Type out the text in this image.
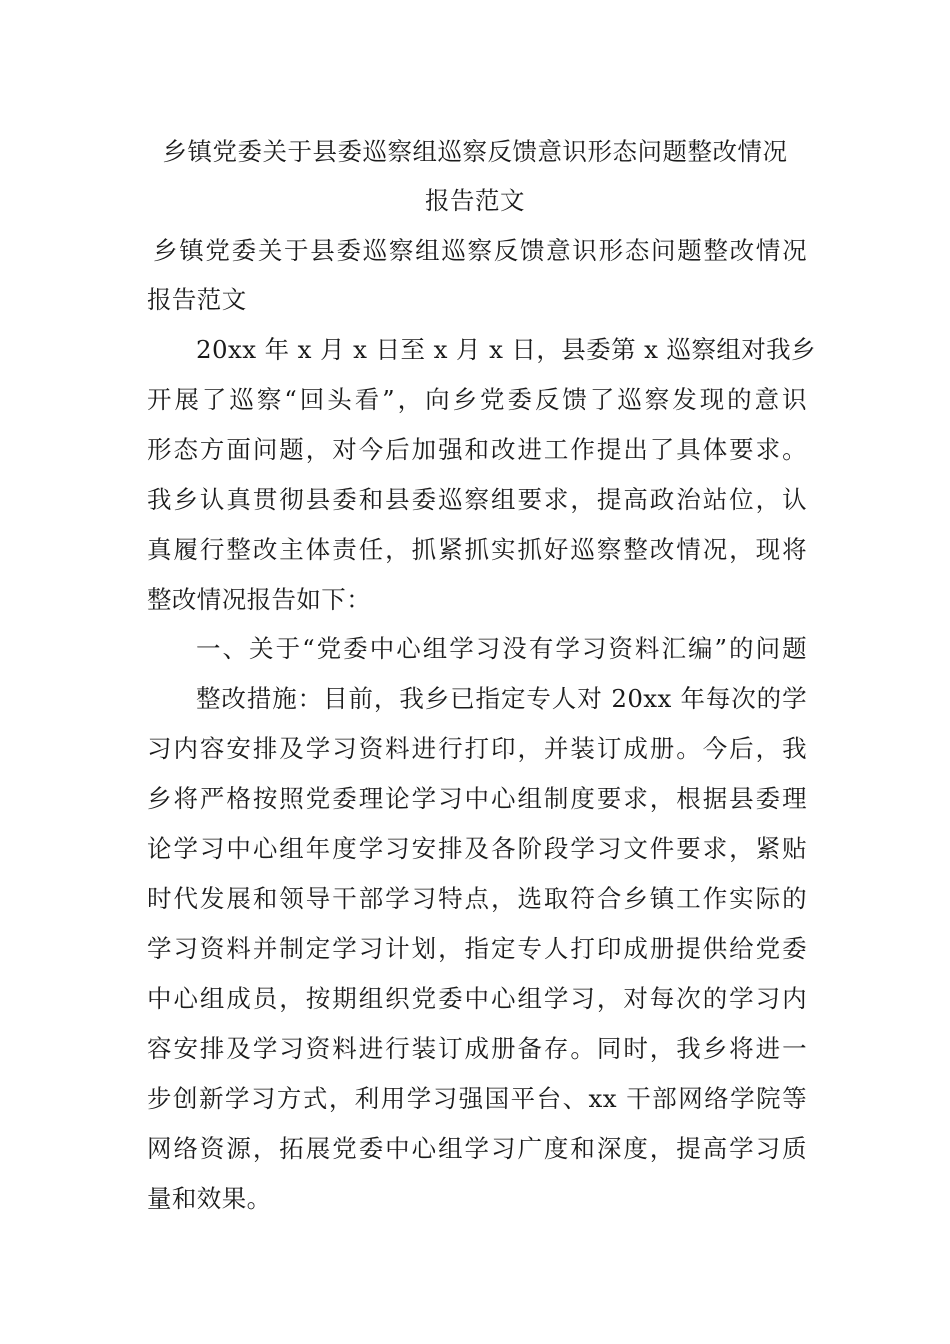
乡镇党委关于县委巡察组巡察反馈意识形态问题整改情况
报告范文
乡镇党委关于县委巡察组巡察反馈意识形态问题整改情况
报告范文
20xx 年 x 月 x 日至 x 月 x 日，县委第 x 巡察组对我乡
开展了巡察“回头看”，向乡党委反馈了巡察发现的意识
形态方面问题，对今后加强和改进工作提出了具体要求。
我乡认真贯彻县委和县委巡察组要求，提高政治站位，认
真履行整改主体责任，抓紧抓实抓好巡察整改情况，现将
整改情况报告如下：
一、关于“党委中心组学习没有学习资料汇编”的问题
整改措施：目前，我乡已指定专人对 20xx 年每次的学
习内容安排及学习资料进行打印，并装订成册。今后，我
乡将严格按照党委理论学习中心组制度要求，根据县委理
论学习中心组年度学习安排及各阶段学习文件要求，紧贴
时代发展和领导干部学习特点，选取符合乡镇工作实际的
学习资料并制定学习计划，指定专人打印成册提供给党委
中心组成员，按期组织党委中心组学习，对每次的学习内
容安排及学习资料进行装订成册备存。同时，我乡将进一
步创新学习方式，利用学习强国平台、xx 干部网络学院等
网络资源，拓展党委中心组学习广度和深度，提高学习质
量和效果。
